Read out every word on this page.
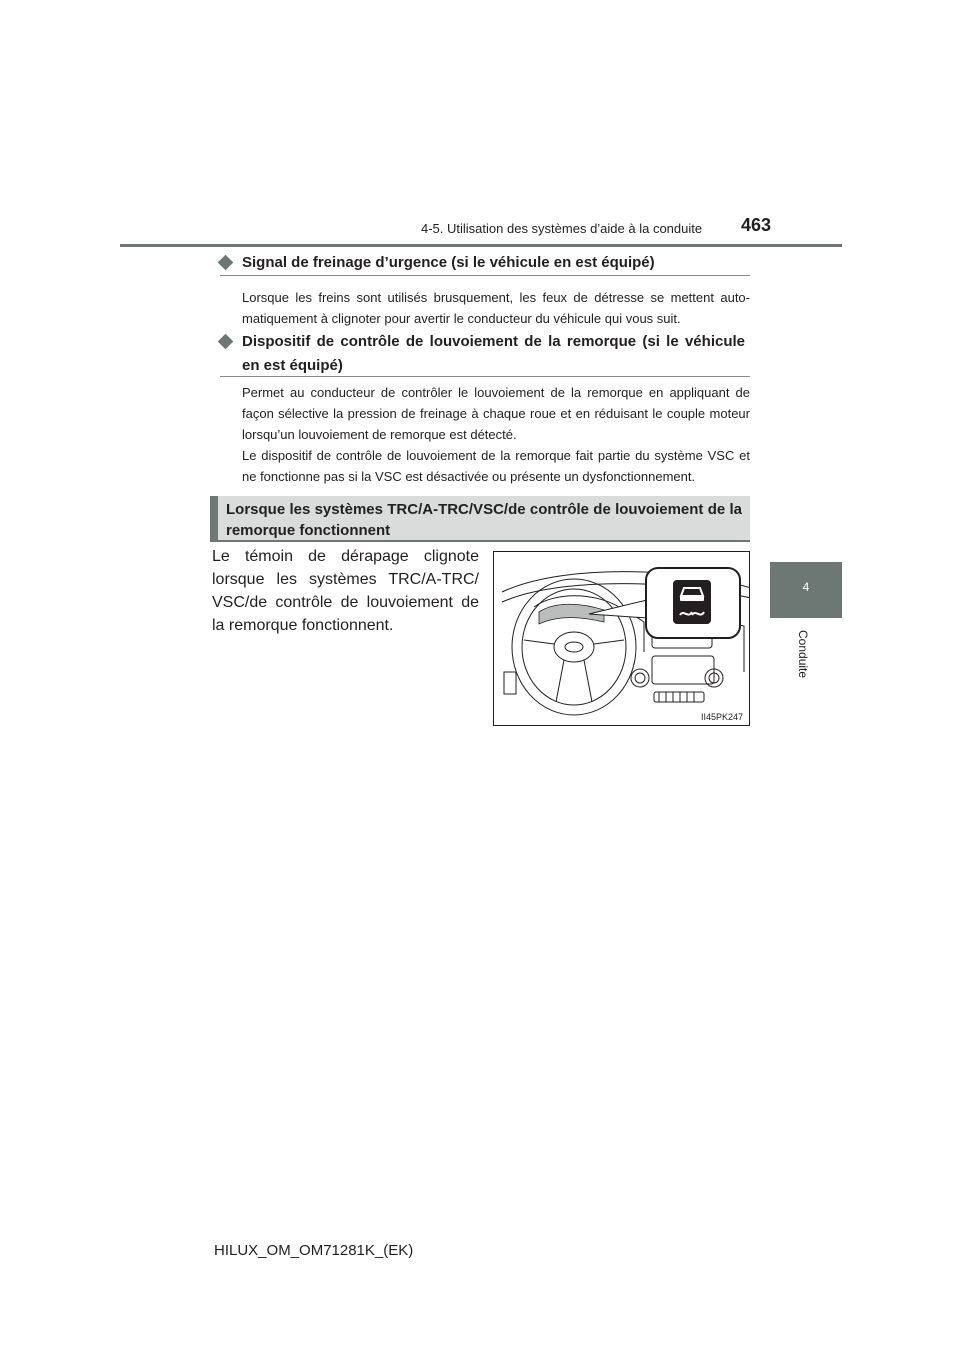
4-5. Utilisation des systèmes d’aide à la conduite 463
4
Conduite
Signal de freinage d’urgence (si le véhicule en est équipé)
Lorsque les freins sont utilisés brusquement, les feux de détresse se mettent auto-matiquement à clignoter pour avertir le conducteur du véhicule qui vous suit.
Dispositif de contrôle de louvoiement de la remorque (si le véhicule en est équipé)
Permet au conducteur de contrôler le louvoiement de la remorque en appliquant de façon sélective la pression de freinage à chaque roue et en réduisant le couple moteur lorsqu’un louvoiement de remorque est détecté.
Le dispositif de contrôle de louvoiement de la remorque fait partie du système VSC et ne fonctionne pas si la VSC est désactivée ou présente un dysfonctionnement.
Lorsque les systèmes TRC/A-TRC/VSC/de contrôle de louvoiement de la remorque fonctionnent
Le témoin de dérapage clignote lorsque les systèmes TRC/A-TRC/ VSC/de contrôle de louvoiement de la remorque fonctionnent.
II45PK247
HILUX_OM_OM71281K_(EK)
